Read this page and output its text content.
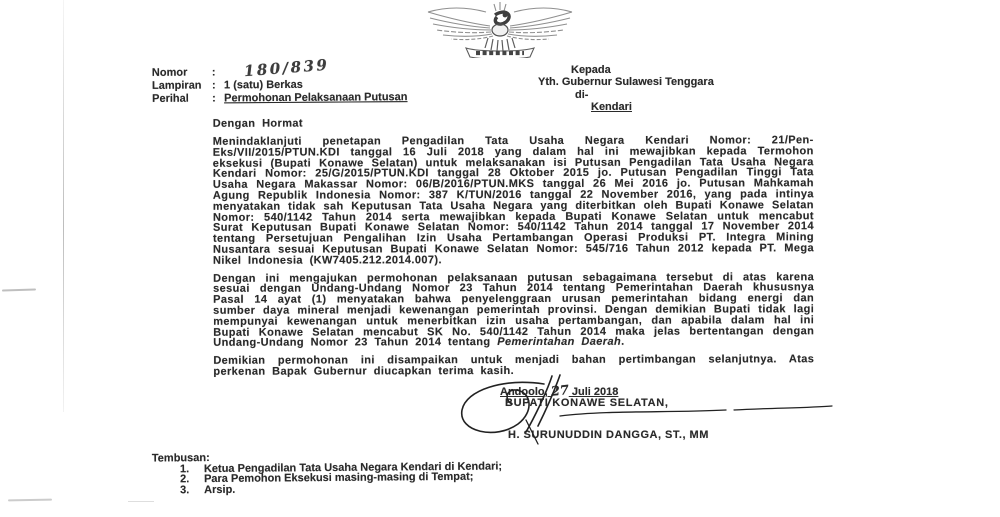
Nomor	:	180/839
Lampiran : 1 (satu) Berkas
Perihal	: Permohonan Pelaksanaan Putusan
Kepada
Yth. Gubernur Sulawesi Tenggara
di-
Kendari

Dengan Hormat

Menindaklanjuti penetapan Pengadilan Tata Usaha Negara Kendari Nomor: 21/Pen-Eks/VII/2015/PTUN.KDI tanggal 16 Juli 2018 yang dalam hal ini mewajibkan kepada Termohon eksekusi (Bupati Konawe Selatan) untuk melaksanakan isi Putusan Pengadilan Tata Usaha Negara Kendari Nomor: 25/G/2015/PTUN.KDI tanggal 28 Oktober 2015 jo. Putusan Pengadilan Tinggi Tata Usaha Negara Makassar Nomor: 06/B/2016/PTUN.MKS tanggal 26 Mei 2016 jo. Putusan Mahkamah Agung Republik Indonesia Nomor: 387 K/TUN/2016 tanggal 22 November 2016, yang pada intinya menyatakan tidak sah Keputusan Tata Usaha Negara yang diterbitkan oleh Bupati Konawe Selatan Nomor: 540/1142 Tahun 2014 serta mewajibkan kepada Bupati Konawe Selatan untuk mencabut Surat Keputusan Bupati Konawe Selatan Nomor: 540/1142 Tahun 2014 tanggal 17 November 2014 tentang Persetujuan Pengalihan Izin Usaha Pertambangan Operasi Produksi PT. Integra Mining Nusantara sesuai Keputusan Bupati Konawe Selatan Nomor: 545/716 Tahun 2012 kepada PT. Mega Nikel Indonesia (KW7405.212.2014.007).

Dengan ini mengajukan permohonan pelaksanaan putusan sebagaimana tersebut di atas karena sesuai dengan Undang-Undang Nomor 23 Tahun 2014 tentang Pemerintahan Daerah khususnya Pasal 14 ayat (1) menyatakan bahwa penyelenggraan urusan pemerintahan bidang energi dan sumber daya mineral menjadi kewenangan pemerintah provinsi. Dengan demikian Bupati tidak lagi mempunyai kewenangan untuk menerbitkan izin usaha pertambangan, dan apabila dalam hal ini Bupati Konawe Selatan mencabut SK No. 540/1142 Tahun 2014 maka jelas bertentangan dengan Undang-Undang Nomor 23 Tahun 2014 tentang Pemerintahan Daerah.

Demikian permohonan ini disampaikan untuk menjadi bahan pertimbangan selanjutnya. Atas perkenan Bapak Gubernur diucapkan terima kasih.

Andoolo, 27 Juli 2018
BUPATI KONAWE SELATAN,
H. SURUNUDDIN DANGGA, ST., MM
Tembusan:
1.	Ketua Pengadilan Tata Usaha Negara Kendari di Kendari;
2.	Para Pemohon Eksekusi masing-masing di Tempat;
3.	Arsip.
